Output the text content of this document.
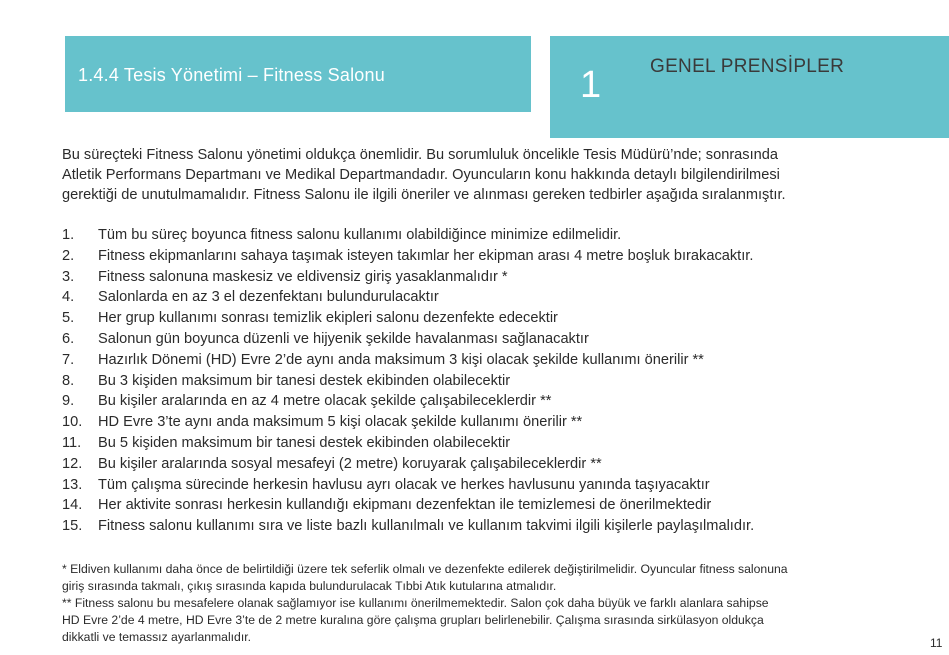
1.4.4 Tesis Yönetimi – Fitness Salonu	1	GENEL PRENSİPLER

Bu süreçteki Fitness Salonu yönetimi oldukça önemlidir. Bu sorumluluk öncelikle Tesis Müdürü’nde; sonrasında

Atletik Performans Departmanı ve Medikal Departmandadır. Oyuncuların konu hakkında detaylı bilgilendirilmesi

gerektiği de unutulmamalıdır. Fitness Salonu ile ilgili öneriler ve alınması gereken tedbirler aşağıda sıralanmıştır.

1. Tüm bu süreç boyunca fitness salonu kullanımı olabildiğince minimize edilmelidir.
2. Fitness ekipmanlarını sahaya taşımak isteyen takımlar her ekipman arası 4 metre boşluk bırakacaktır.
3. Fitness salonuna maskesiz ve eldivensiz giriş yasaklanmalıdır *
4. Salonlarda en az 3 el dezenfektanı bulundurulacaktır
5. Her grup kullanımı sonrası temizlik ekipleri salonu dezenfekte edecektir
6. Salonun gün boyunca düzenli ve hijyenik şekilde havalanması sağlanacaktır
7. Hazırlık Dönemi (HD) Evre 2’de aynı anda maksimum 3 kişi olacak şekilde kullanımı önerilir **
8. Bu 3 kişiden maksimum bir tanesi destek ekibinden olabilecektir
9. Bu kişiler aralarında en az 4 metre olacak şekilde çalışabileceklerdir **
10. HD Evre 3’te aynı anda maksimum 5 kişi olacak şekilde kullanımı önerilir **
11. Bu 5 kişiden maksimum bir tanesi destek ekibinden olabilecektir
12. Bu kişiler aralarında sosyal mesafeyi (2 metre) koruyarak çalışabileceklerdir **
13. Tüm çalışma sürecinde herkesin havlusu ayrı olacak ve herkes havlusunu yanında taşıyacaktır
14. Her aktivite sonrası herkesin kullandığı ekipmanı dezenfektan ile temizlemesi de önerilmektedir
15. Fitness salonu kullanımı sıra ve liste bazlı kullanılmalı ve kullanım takvimi ilgili kişilerle paylaşılmalıdır.

* Eldiven kullanımı daha önce de belirtildiği üzere tek seferlik olmalı ve dezenfekte edilerek değiştirilmelidir. Oyuncular fitness salonuna

giriş sırasında takmalı, çıkış sırasında kapıda bulundurulacak Tıbbi Atık kutularına atmalıdır.

** Fitness salonu bu mesafelere olanak sağlamıyor ise kullanımı önerilmemektedir. Salon çok daha büyük ve farklı alanlara sahipse

HD Evre 2’de 4 metre, HD Evre 3’te de 2 metre kuralına göre çalışma grupları belirlenebilir. Çalışma sırasında sirkülasyon oldukça

dikkatli ve temassız ayarlanmalıdır.	11
